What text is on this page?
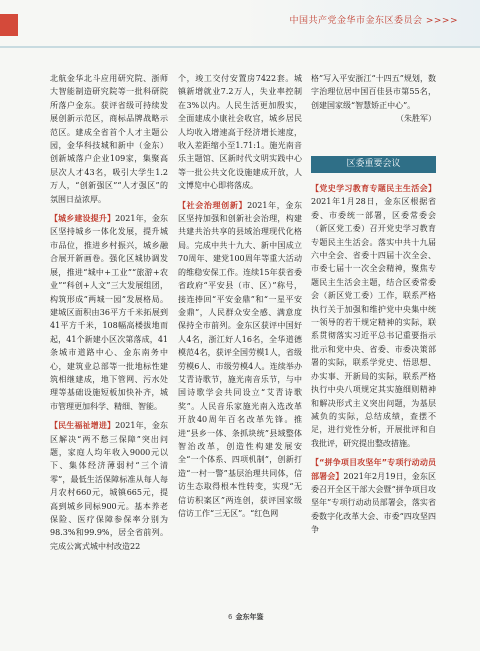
中国共产党金华市金东区委员会 >>>>

北航金华北斗应用研究院、浙师大智能制造研究院等一批科研院所落户金东。获评省级可持续发展创新示范区，商标品牌战略示范区。建成全省首个人才主题公园，金华科技城和新中（金东）创新城落户企业109家，集聚高层次人才43名，吸引大学生1.2万人，“创新强区”“人才强区”的氛围日益浓厚。

【城乡建设提升】2021年，金东区坚持城乡一体化发展，提升城市品位，推进乡村振兴，城乡融合展开新画卷。强化区城协调发展，推进“城中+工业”“旅游+农业”“科创+人文”三大发展组团，构筑形成“两城一园”发展格局。建城区面积由36平方千米拓展到41平方千米，108幅高楼拔地而起，41个新建小区次第落成，41条城市道路中心、金东南务中心，建筑业总部等一批地标性建筑相继建成，地下管网、污水处理等基础设施短板加快补齐，城市管理更加科学、精细、智能。

【民生福祉增进】2021年，金东区解决“两不愁三保障”突出问题，家庭人均年收入9000元以下、集体经济薄弱村“三个清零”，最低生活保障标准从每人每月农村660元，城镇665元，提高到城乡同标900元。基本养老保险、医疗保障参保率分别为98.3%和99.9%，居全省前列。完成公寓式城中村改造22

个，竣工交付安置房7422套。城镇新增就业7.2万人，失业率控制在3%以内。人民生活更加殷实，全面建成小康社会收官，城乡居民人均收入增速高于经济增长速度，收入差距缩小至1.71:1。施光南音乐主题馆、区新时代文明实践中心等一批公共文化设施建成开放，人文博览中心即将落成。

【社会治理创新】2021年，金东区坚持加强和创新社会治理，构建共建共治共享的县域治理现代化格局。完成中共十九大、新中国成立70周年、建党100周年等重大活动的维稳安保工作。连续15年获省委省政府“平安县（市、区）”称号，接连捧回“平安金鼎”和“一星平安金鼎”，人民群众安全感、满意度保持全市前列。金东区获评中国好人4名，浙江好人16名，全华道德模范4名，获评全国劳模1人，省级劳模6人、市级劳模4人。连续举办艾青诗歌节，施光南音乐节，与中国诗歌学会共同设立“艾青诗歌奖”。人民音乐家施光南入选改革开放40周年百名改革先锋。推进“县乡一体、条抓块统”县域整体智治改革，创造性构建发展安全“一个体系、四项机制”，创新打造“一村一警”基层治理共同体，信访生态取得根本性转变，实现“无信访积案区”两连创，获评国家级信访工作“三无区”。“红色网

格”写入平安浙江“十四五”规划，数字治理位居中国百佳县市第55名，创建国家级“智慧矫正中心”。

（朱胜军）

区委重要会议

【党史学习教育专题民主生活会】2021年1月28日，金东区根据省委、市委统一部署，区委常委会（新区党工委）召开党史学习教育专题民主生活会。落实中共十九届六中全会、省委十四届十次全会、市委七届十一次全会精神，聚焦专题民主生活会主题，结合区委常委会（新区党工委）工作，联系严格执行关于加强和维护党中央集中统一领导的若干规定精神的实际，联系贯彻落实习近平总书记重要指示批示和党中央、省委、市委决策部署的实际，联系学党史、悟思想、办实事、开新局的实际，联系严格执行中央八项规定其实施细则精神和解决形式主义突出问题，为基层减负的实际，总结成绩，查摆不足，进行党性分析，开展批评和自我批评，研究提出整改措施。

【“拼争项目攻坚年”专项行动动员部署会】2021年2月19日，金东区委召开全区干部大会暨“拼争项目攻坚年”专项行动动员部署会，落实省委数字化改革大会、市委“四攻坚四争

6 金东年鉴
